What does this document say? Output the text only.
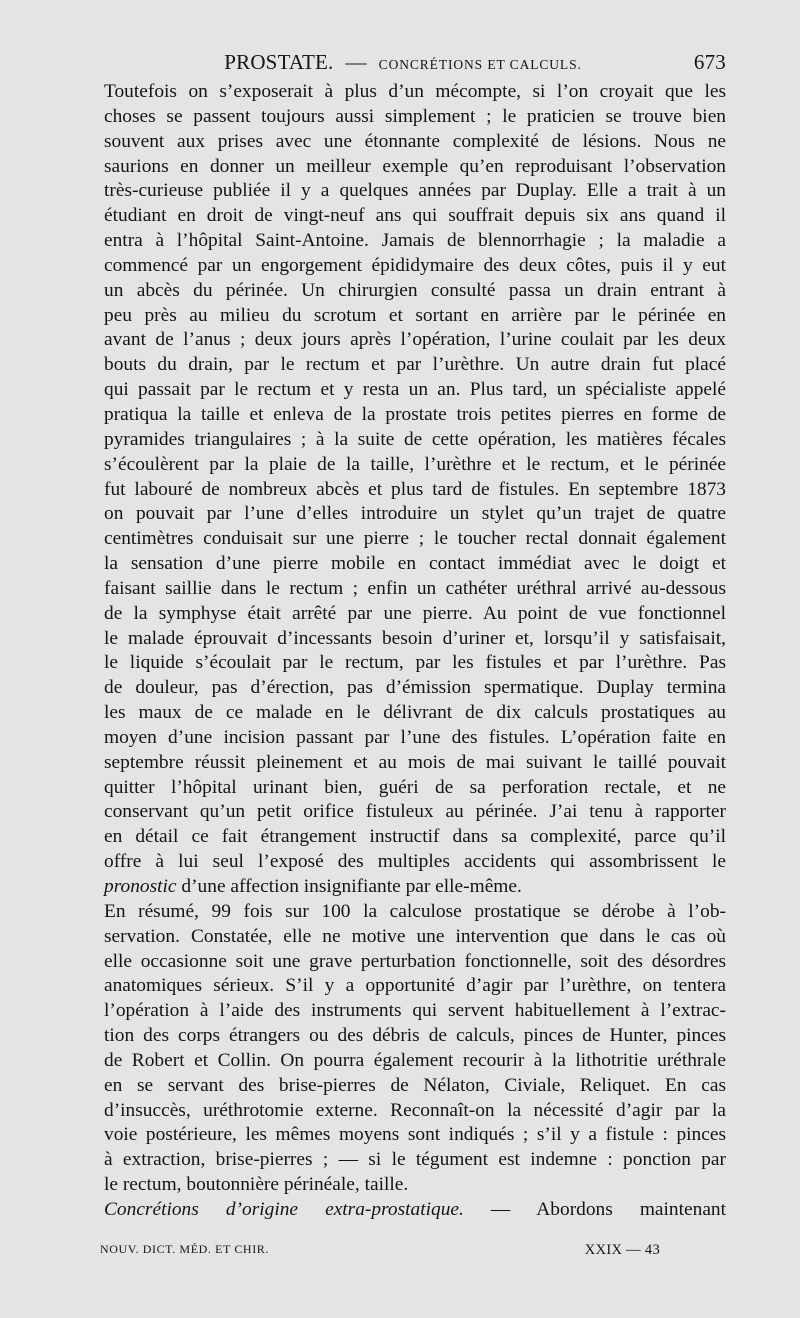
PROSTATE. — CONCRÉTIONS ET CALCULS.	673

Toutefois on s’exposerait à plus d’un mécompte, si l’on croyait que les
choses se passent toujours aussi simplement ; le praticien se trouve bien
souvent aux prises avec une étonnante complexité de lésions. Nous ne
saurions en donner un meilleur exemple qu’en reproduisant l’observation
très-curieuse publiée il y a quelques années par Duplay. Elle a trait à un
étudiant en droit de vingt-neuf ans qui souffrait depuis six ans quand il
entra à l’hôpital Saint-Antoine. Jamais de blennorrhagie ; la maladie a
commencé par un engorgement épididymaire des deux côtes, puis il y eut
un abcès du périnée. Un chirurgien consulté passa un drain entrant à
peu près au milieu du scrotum et sortant en arrière par le périnée en
avant de l’anus ; deux jours après l’opération, l’urine coulait par les deux
bouts du drain, par le rectum et par l’urèthre. Un autre drain fut placé
qui passait par le rectum et y resta un an. Plus tard, un spécialiste appelé
pratiqua la taille et enleva de la prostate trois petites pierres en forme de
pyramides triangulaires ; à la suite de cette opération, les matières fécales
s’écoulèrent par la plaie de la taille, l’urèthre et le rectum, et le périnée
fut labouré de nombreux abcès et plus tard de fistules. En septembre 1873
on pouvait par l’une d’elles introduire un stylet qu’un trajet de quatre
centimètres conduisait sur une pierre ; le toucher rectal donnait également
la sensation d’une pierre mobile en contact immédiat avec le doigt et
faisant saillie dans le rectum ; enfin un cathéter uréthral arrivé au-dessous
de la symphyse était arrêté par une pierre. Au point de vue fonctionnel
le malade éprouvait d’incessants besoin d’uriner et, lorsqu’il y satisfaisait,
le liquide s’écoulait par le rectum, par les fistules et par l’urèthre. Pas
de douleur, pas d’érection, pas d’émission spermatique. Duplay termina
les maux de ce malade en le délivrant de dix calculs prostatiques au
moyen d’une incision passant par l’une des fistules. L’opération faite en
septembre réussit pleinement et au mois de mai suivant le taillé pouvait
quitter l’hôpital urinant bien, guéri de sa perforation rectale, et ne
conservant qu’un petit orifice fistuleux au périnée. J’ai tenu à rapporter
en détail ce fait étrangement instructif dans sa complexité, parce qu’il
offre à lui seul l’exposé des multiples accidents qui assombrissent le
pronostic d’une affection insignifiante par elle-même.

En résumé, 99 fois sur 100 la calculose prostatique se dérobe à l’ob-
servation. Constatée, elle ne motive une intervention que dans le cas où
elle occasionne soit une grave perturbation fonctionnelle, soit des désordres
anatomiques sérieux. S’il y a opportunité d’agir par l’urèthre, on tentera
l’opération à l’aide des instruments qui servent habituellement à l’extrac-
tion des corps étrangers ou des débris de calculs, pinces de Hunter, pinces
de Robert et Collin. On pourra également recourir à la lithotritie uréthrale
en se servant des brise-pierres de Nélaton, Civiale, Reliquet. En cas
d’insuccès, uréthrotomie externe. Reconnaît-on la nécessité d’agir par la
voie postérieure, les mêmes moyens sont indiqués ; s’il y a fistule : pinces
à extraction, brise-pierres ; — si le tégument est indemne : ponction par
le rectum, boutonnière périnéale, taille.

Concrétions d’origine extra-prostatique. — Abordons maintenant

NOUV. DICT. MÉD. ET CHIR.	XXIX — 43
